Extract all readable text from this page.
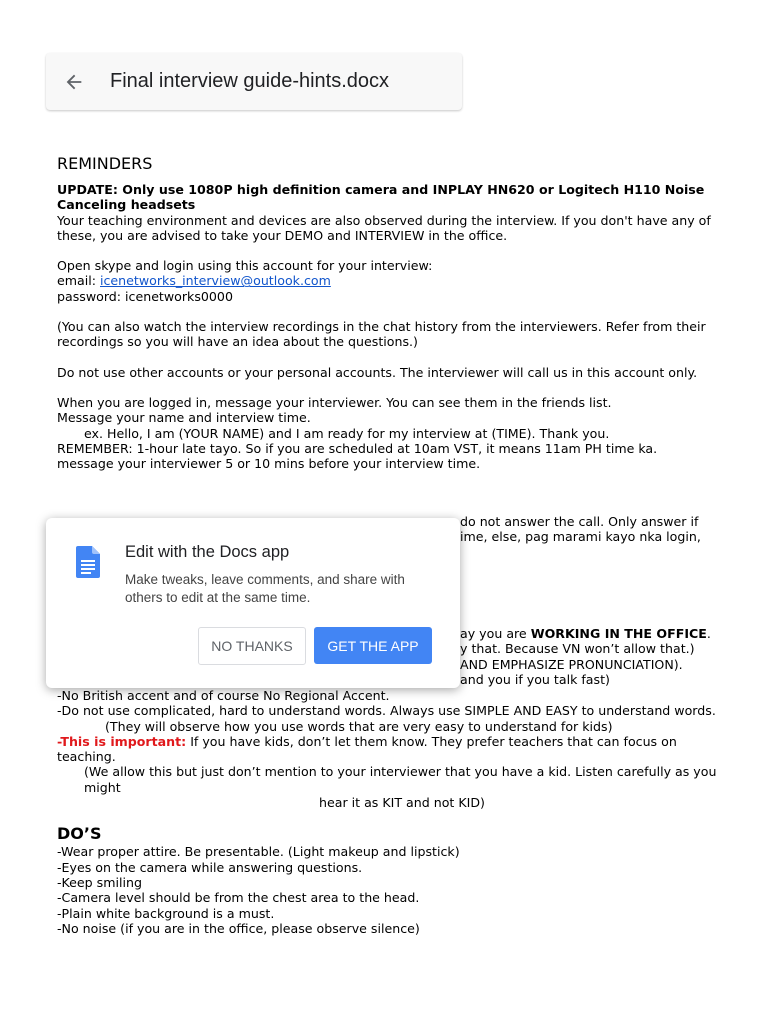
Final interview guide-hints.docx

REMINDERS

UPDATE: Only use 1080P high definition camera and INPLAY HN620 or Logitech H110 Noise Canceling headsets

Your teaching environment and devices are also observed during the interview. If you don't have any of these, you are advised to take your DEMO and INTERVIEW in the office.

Open skype and login using this account for your interview:

email: icenetworks_interview@outlook.com

password: icenetworks0000

(You can also watch the interview recordings in the chat history from the interviewers. Refer from their recordings so you will have an idea about the questions.)

Do not use other accounts or your personal accounts. The interviewer will call us in this account only.

When you are logged in, message your interviewer. You can see them in the friends list.

Message your name and interview time.

ex. Hello, I am (YOUR NAME) and I am ready for my interview at (TIME). Thank you.

REMEMBER: 1-hour late tayo. So if you are scheduled at 10am VST, it means 11am PH time ka.

message your interviewer 5 or 10 mins before your interview time.

-No British accent and of course No Regional Accent.

-Do not use complicated, hard to understand words. Always use SIMPLE AND EASY to understand words.

(They will observe how you use words that are very easy to understand for kids)

-This is important: If you have kids, don’t let them know. They prefer teachers that can focus on teaching.

(We allow this but just don’t mention to your interviewer that you have a kid. Listen carefully as you might

hear it as KIT and not KID)

DO’S

-Wear proper attire. Be presentable. (Light makeup and lipstick)

-Eyes on the camera while answering questions.

-Keep smiling

-Camera level should be from the chest area to the head.

-Plain white background is a must.

-No noise (if you are in the office, please observe silence)

do not answer the call. Only answer if
ime, else, pag marami kayo nka login,
ay you are WORKING IN THE OFFICE.
y that. Because VN won’t allow that.)
AND EMPHASIZE PRONUNCIATION).
and you if you talk fast)
Edit with the Docs app
Make tweaks, leave comments, and share with others to edit at the same time.
NO THANKS	GET THE APP
